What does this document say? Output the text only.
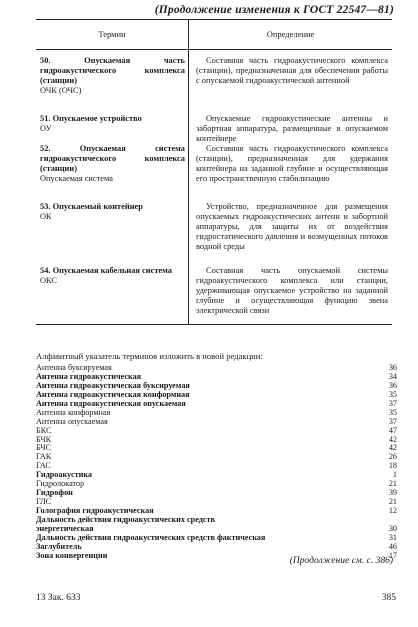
(Продолжение изменения к ГОСТ 22547—81)
Термин	Определение
50. Опускаемая часть гидроакустического комплекса (станции)
ОЧК (ОЧС)
Составная часть гидроакустического комплекса (станции), предназначенная для обеспечения работы с опускаемой гидроакустической антенной
51. Опускаемое устройство
ОУ
Опускаемые гидроакустические антенны и забортная аппаратура, размещенные в опускаемом контейнере
52. Опускаемая система гидроакустического комплекса (станции)
Опускаемая система
Составная часть гидроакустического комплекса (станции), предназначенная для удержания контейнера на заданной глубине и осуществляющая его пространственную стабилизацию
53. Опускаемый контейнер
ОК
Устройство, предназначенное для размещения опускаемых гидроакустических антенн и забортной аппаратуры, для защиты их от воздействия гидростатического давления и возмущенных потоков водной среды
54. Опускаемая кабельная система
ОКС
Составная часть опускаемой системы гидроакустического комплекса или станции, удерживающая опускаемое устройство на заданной глубине и осуществляющая функцию звена электрической связи
Алфавитный указатель терминов изложить в новой редакции:
Антенна буксируемая	36
Антенна гидроакустическая	34
Антенна гидроакустическая буксируемая	36
Антенна гидроакустическая конформная	35
Антенна гидроакустическая опускаемая	37
Антенна конформная	35
Антенна опускаемая	37
БКС	47
БЧК	42
БЧС	42
ГАК	26
ГАС	18
Гидроакустика	1
Гидролокатор	21
Гидрофон	39
ГЛС	21
Голография гидроакустическая	12
Дальность действия гидроакустических средств
энергетическая	30
Дальность действия гидроакустических средств фактическая	31
Заглубитель	46
Зона конвергенции	17
(Продолжение см. с. 386)
13 Зак. 633	385
